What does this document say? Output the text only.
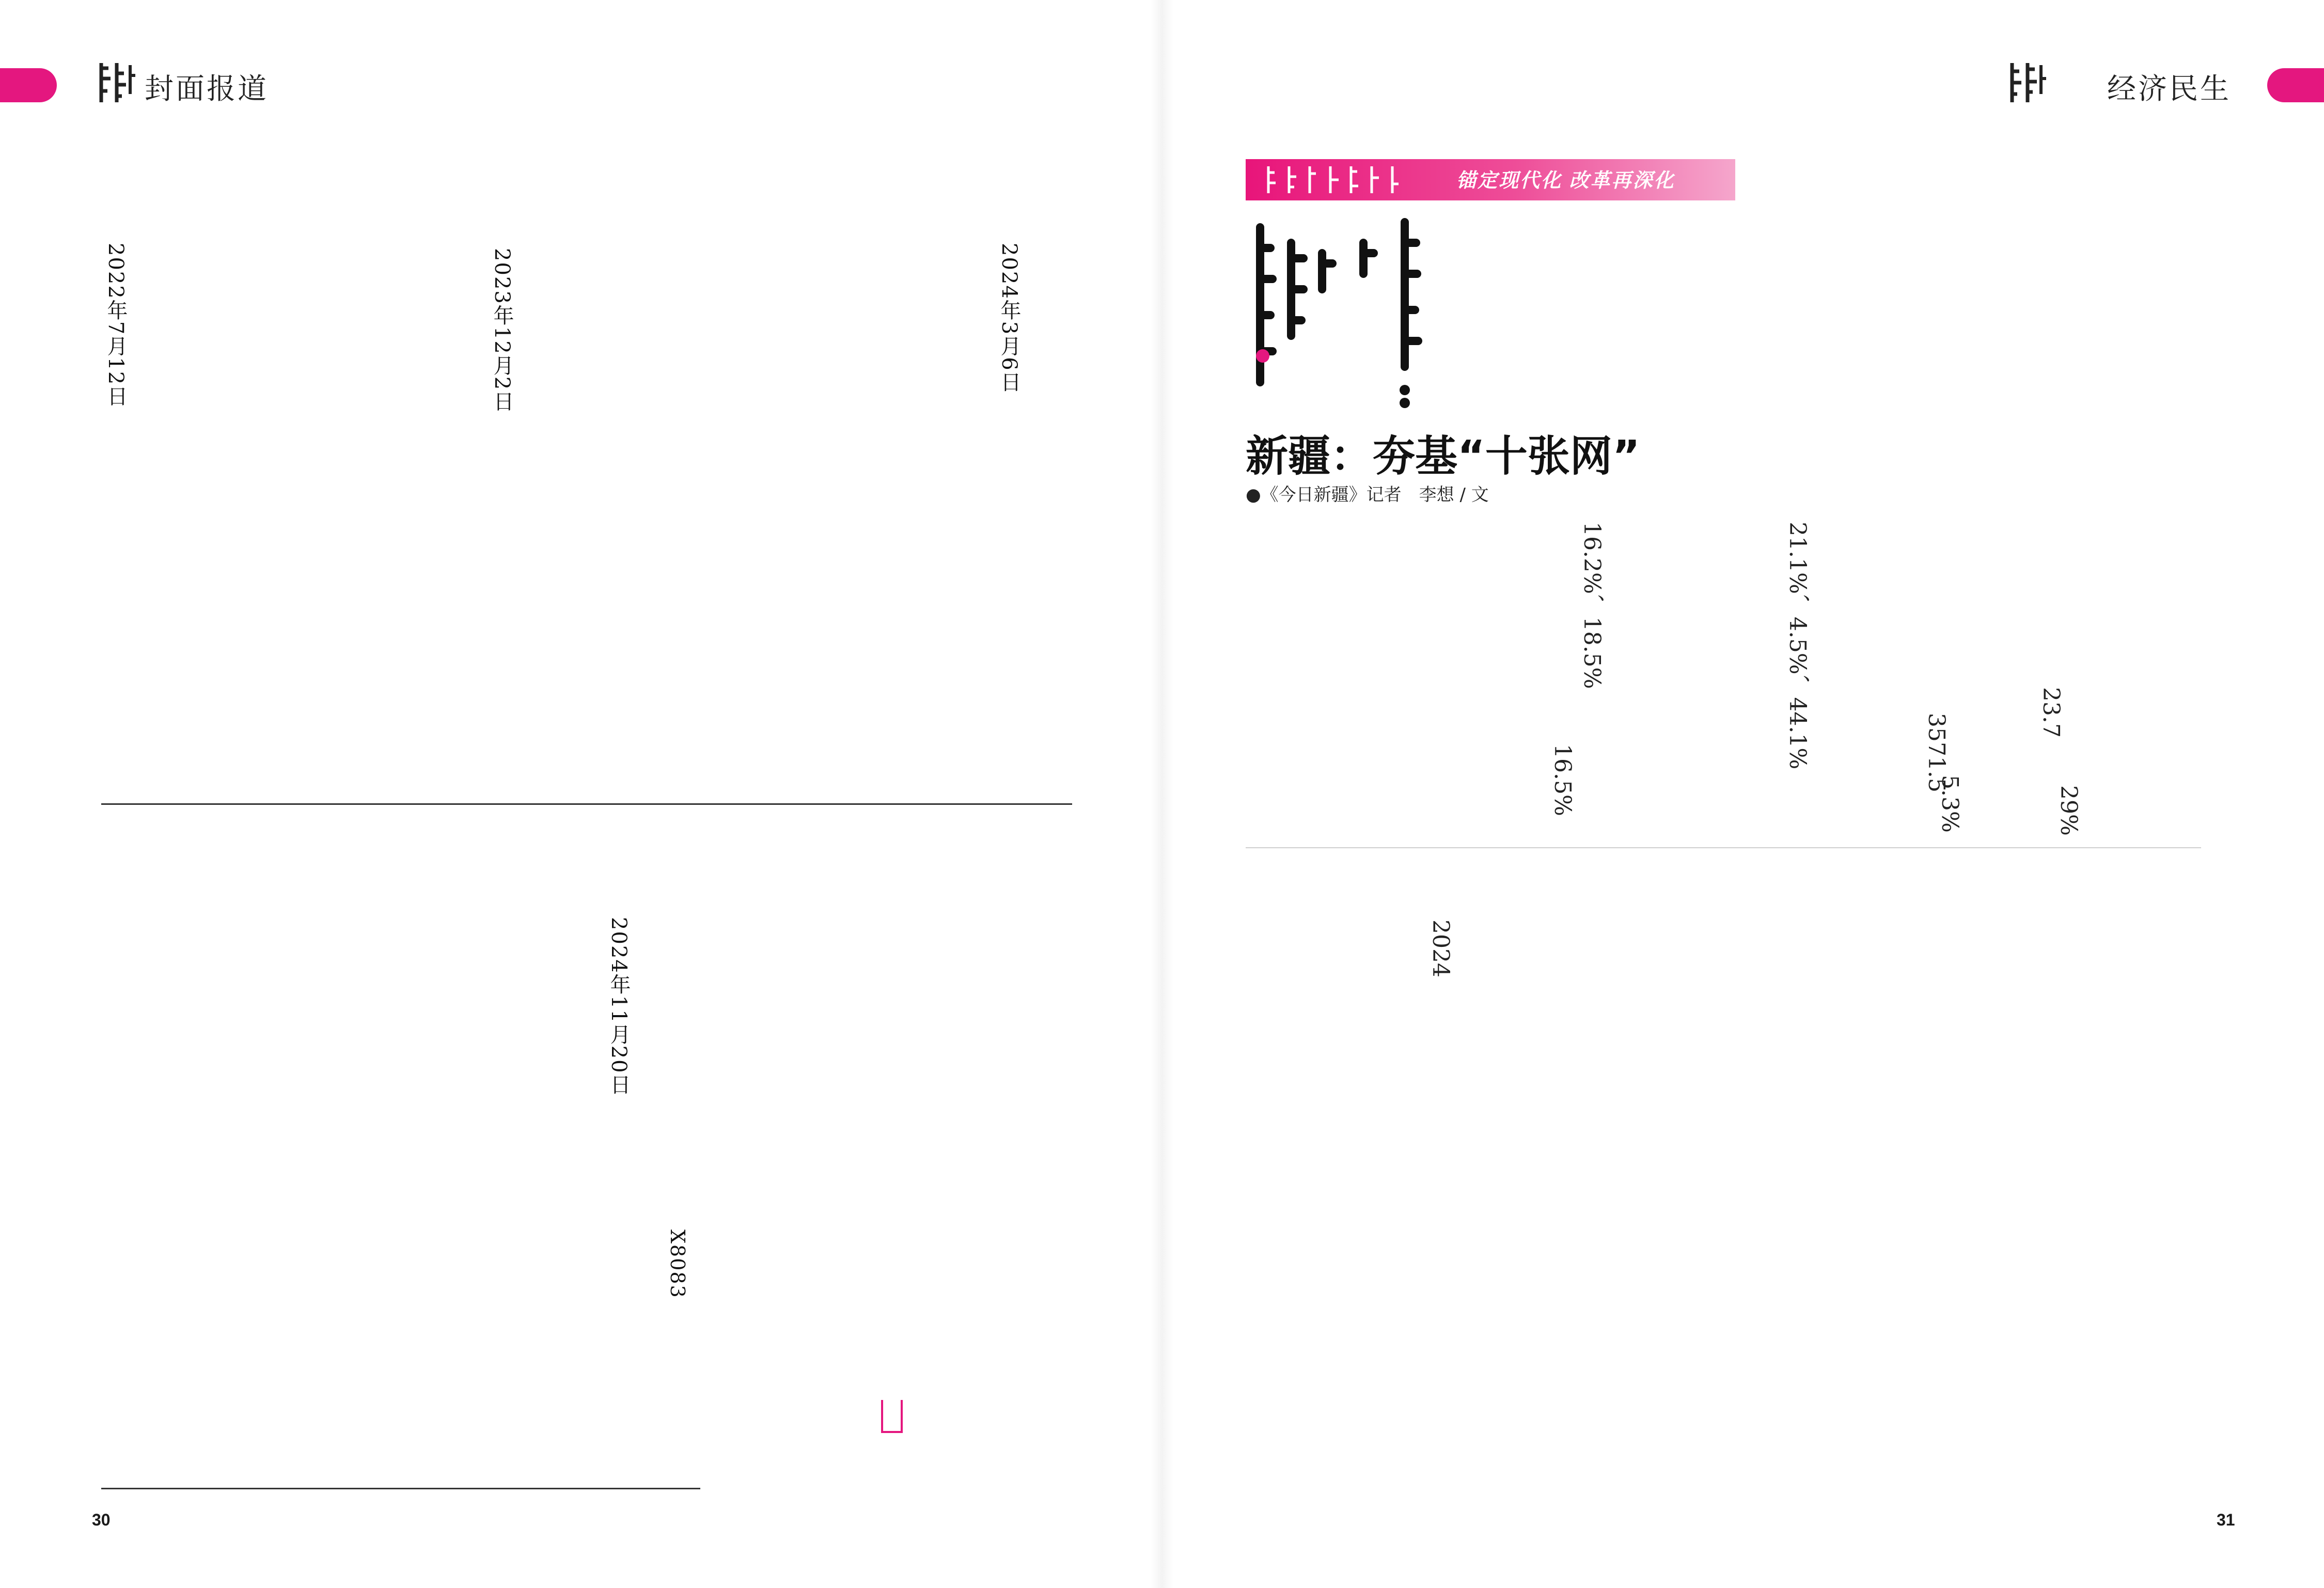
封面报道
2024年3月6日
2023年12月2日
2024年11月20日
X8083
2022年7月12日
30
经济民生
锚定现代化 改革再深化
新疆：夯基“十张网”
●《今日新疆》记者　李想 / 文
23.7
29%
3571.5
5.3%
21.1%、4.5%、44.1%
16.2%、18.5%
16.5%
2024
31
